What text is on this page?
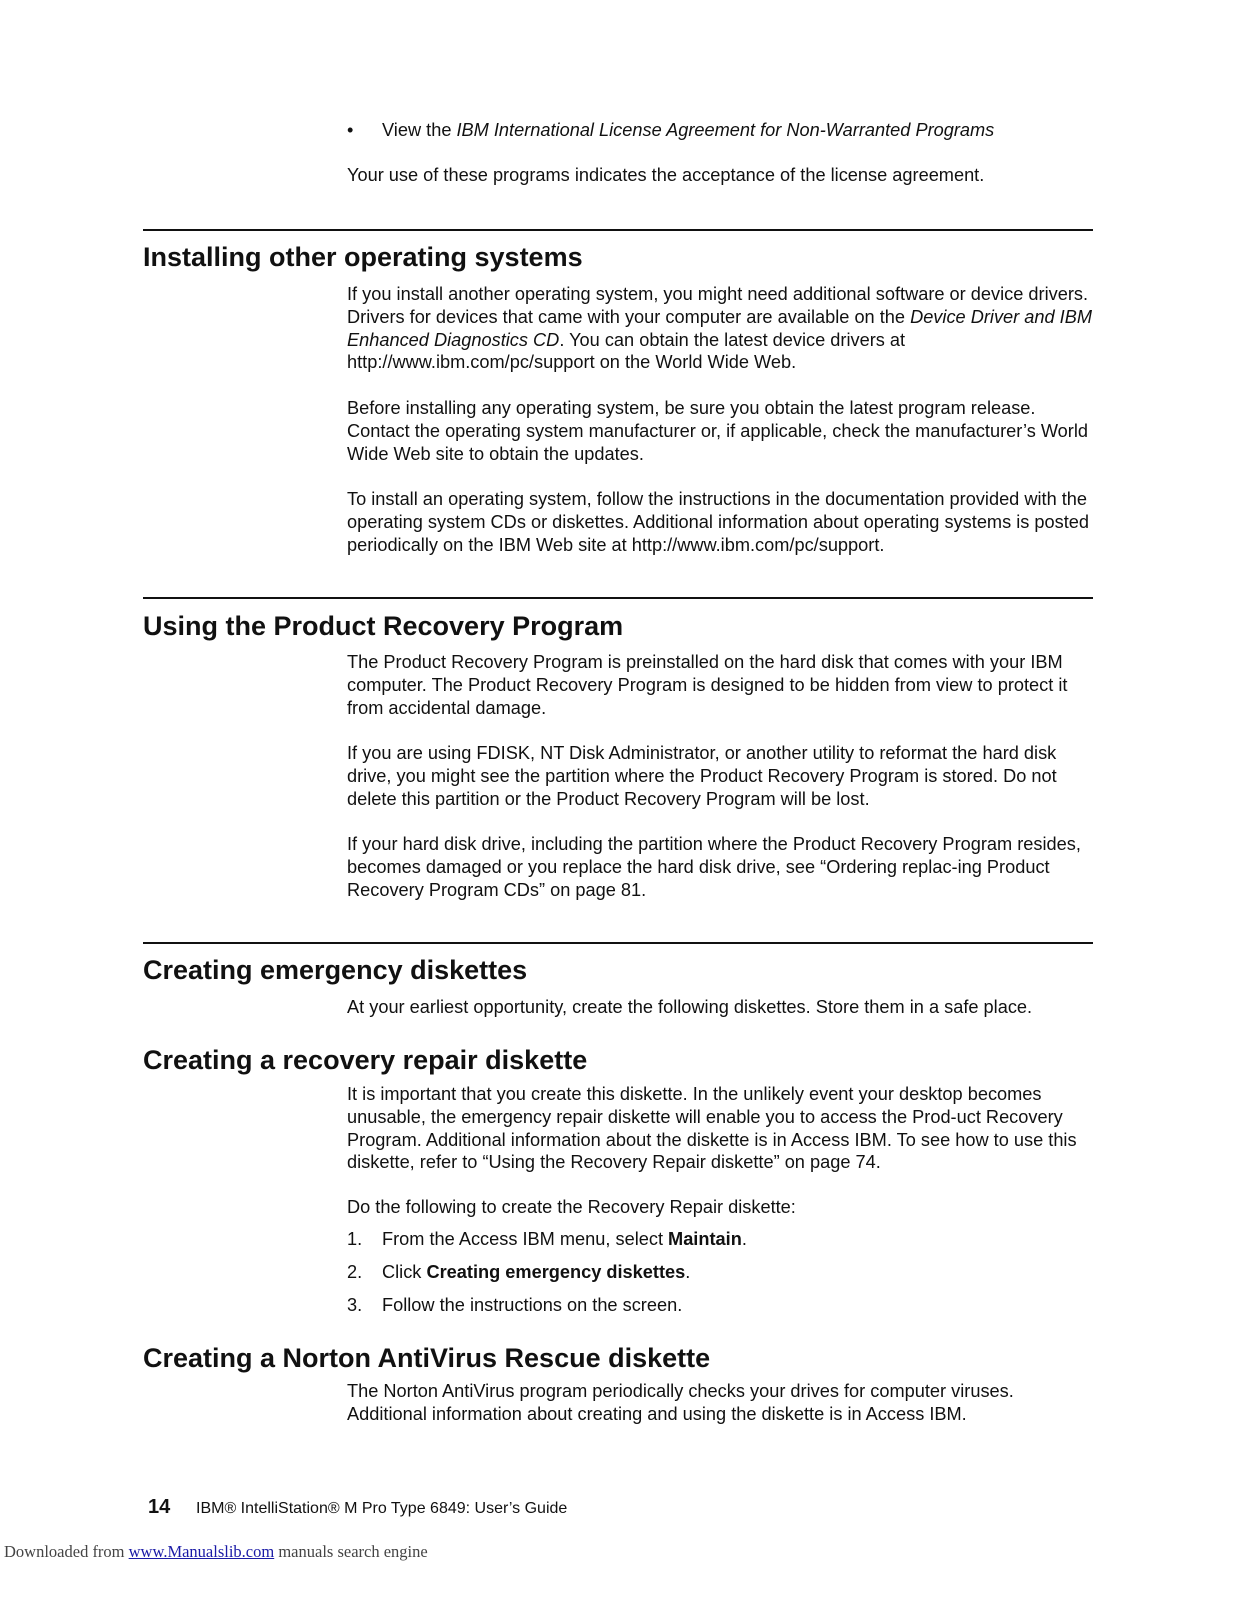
• View the IBM International License Agreement for Non-Warranted Programs

Your use of these programs indicates the acceptance of the license agreement.

Installing other operating systems

If you install another operating system, you might need additional software or device drivers. Drivers for devices that came with your computer are available on the Device Driver and IBM Enhanced Diagnostics CD. You can obtain the latest device drivers at http://www.ibm.com/pc/support on the World Wide Web.

Before installing any operating system, be sure you obtain the latest program release. Contact the operating system manufacturer or, if applicable, check the manufacturer’s World Wide Web site to obtain the updates.

To install an operating system, follow the instructions in the documentation provided with the operating system CDs or diskettes. Additional information about operating systems is posted periodically on the IBM Web site at http://www.ibm.com/pc/support.

Using the Product Recovery Program

The Product Recovery Program is preinstalled on the hard disk that comes with your IBM computer. The Product Recovery Program is designed to be hidden from view to protect it from accidental damage.

If you are using FDISK, NT Disk Administrator, or another utility to reformat the hard disk drive, you might see the partition where the Product Recovery Program is stored. Do not delete this partition or the Product Recovery Program will be lost.

If your hard disk drive, including the partition where the Product Recovery Program resides, becomes damaged or you replace the hard disk drive, see “Ordering replac-ing Product Recovery Program CDs” on page 81.

Creating emergency diskettes

At your earliest opportunity, create the following diskettes. Store them in a safe place.

Creating a recovery repair diskette

It is important that you create this diskette. In the unlikely event your desktop becomes unusable, the emergency repair diskette will enable you to access the Prod-uct Recovery Program. Additional information about the diskette is in Access IBM. To see how to use this diskette, refer to “Using the Recovery Repair diskette” on page 74.

Do the following to create the Recovery Repair diskette:

1. From the Access IBM menu, select Maintain.
2. Click Creating emergency diskettes.
3. Follow the instructions on the screen.
Creating a Norton AntiVirus Rescue diskette

The Norton AntiVirus program periodically checks your drives for computer viruses. Additional information about creating and using the diskette is in Access IBM.

14 IBM® IntelliStation® M Pro Type 6849: User’s Guide
Downloaded from www.Manualslib.com manuals search engine
